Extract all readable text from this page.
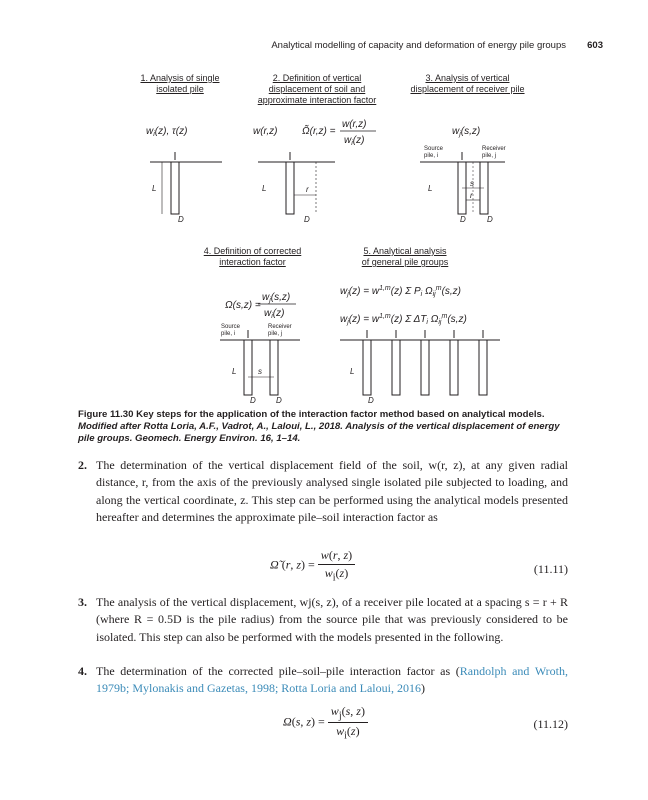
Analytical modelling of capacity and deformation of energy pile groups 603
1. Analysis of single
isolated pile
2. Definition of vertical
displacement of soil and
approximate interaction factor
3. Analysis of vertical
displacement of receiver pile
4. Definition of corrected
interaction factor
5. Analytical analysis
of general pile groups
$w_i(z)$, τ(z)	w(r,z) Ω̃(r,z) =
w(r,z)
$w_i(z)$
$w_j(s,z)$
Ω(s,z) =
$w_j(s,z)$
$w_i(z)$
$w_j(z) = w^{1,m}(z)$ Σ $P_i$ $\Omega_{ij}^m(s,z)$
$w_j(z) = w^{1,m}(z)$ Σ $\Delta T_i$ $\Omega_{ij}^m(s,z)$
Source pile, i
Receiver pile, j
Source pile, i
Receiver pile, j
L
D
L
D
r	L
D	D
s
r
L
D	D
s	L
D
Figure 11.30 Key steps for the application of the interaction factor method based on analytical models. Modified after Rotta Loria, A.F., Vadrot, A., Laloui, L., 2018. Analysis of the vertical displacement of energy pile groups. Geomech. Energy Environ. 16, 1–14.
2. The determination of the vertical displacement field of the soil, w(r, z), at any given radial distance, r, from the axis of the previously analysed single isolated pile subjected to loading, and along the vertical coordinate, z. This step can be performed using the analytical models presented hereafter and determines the approximate pile–soil interaction factor as
Ω̃ (r, $z) = \frac{w(r, z)}{w_i(z)}$	(11.11)
3. The analysis of the vertical displacement, wj(s, z), of a receiver pile located at a spacing s = r + R (where R = 0.5D is the pile radius) from the source pile that was previously considered to be isolated. This step can also be performed with the models presented in the following.
4. The determination of the corrected pile–soil–pile interaction factor as (Randolph and Wroth, 1979b; Mylonakis and Gazetas, 1998; Rotta Loria and Laloui, 2016)
Ω(s, $z) = \frac{w_j(s, z)}{w_i(z)}$	(11.12)
